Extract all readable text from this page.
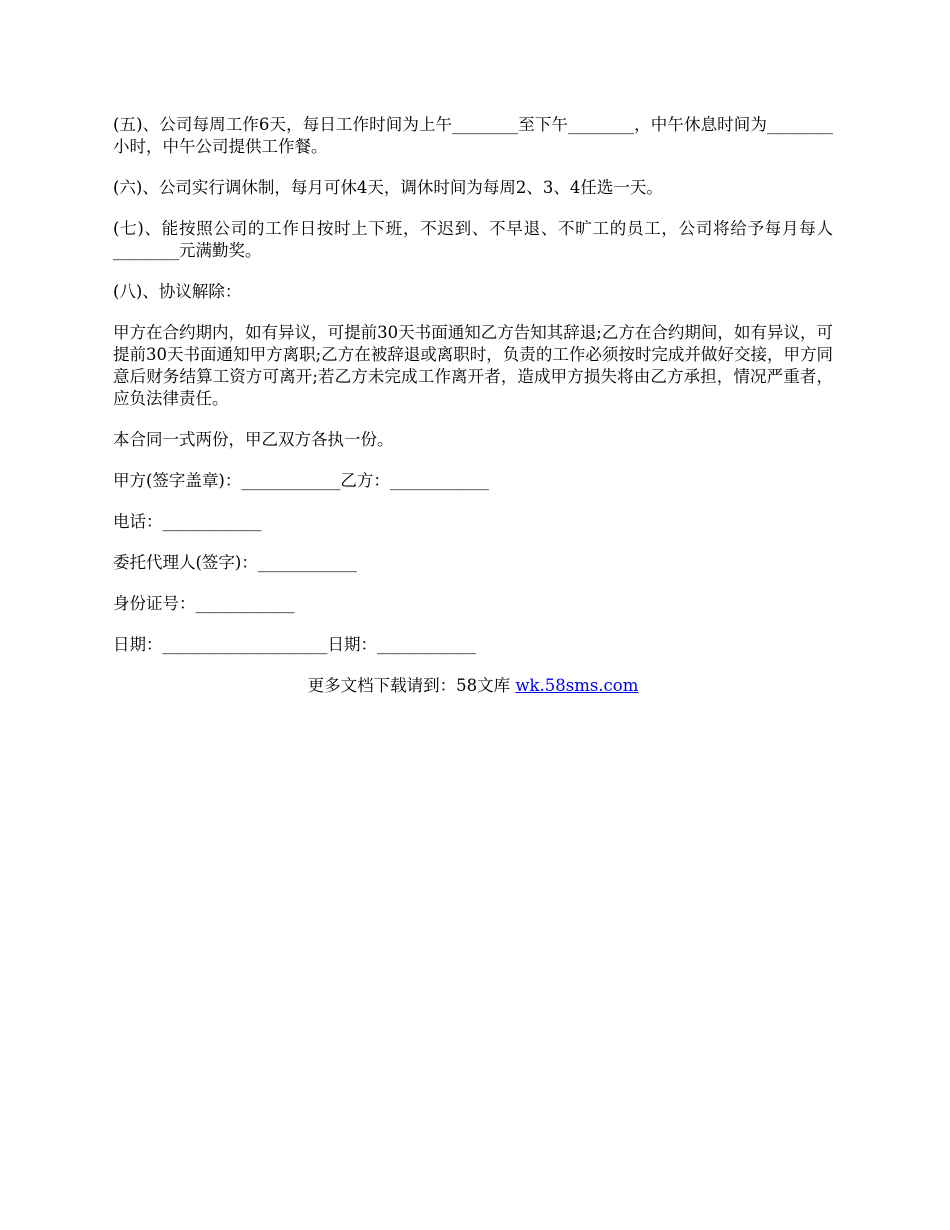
(五)、公司每周工作6天，每日工作时间为上午________至下午________，中午休息时间为________小时，中午公司提供工作餐。

(六)、公司实行调休制，每月可休4天，调休时间为每周2、3、4任选一天。

(七)、能按照公司的工作日按时上下班，不迟到、不早退、不旷工的员工，公司将给予每月每人________元满勤奖。

(八)、协议解除：

甲方在合约期内，如有异议，可提前30天书面通知乙方告知其辞退;乙方在合约期间，如有异议，可提前30天书面通知甲方离职;乙方在被辞退或离职时，负责的工作必须按时完成并做好交接，甲方同意后财务结算工资方可离开;若乙方未完成工作离开者，造成甲方损失将由乙方承担，情况严重者，应负法律责任。

本合同一式两份，甲乙双方各执一份。

甲方(签字盖章)：____________乙方：____________

电话：____________

委托代理人(签字)：____________

身份证号：____________

日期：____________________日期：____________

更多文档下载请到：58文库 wk.58sms.com
